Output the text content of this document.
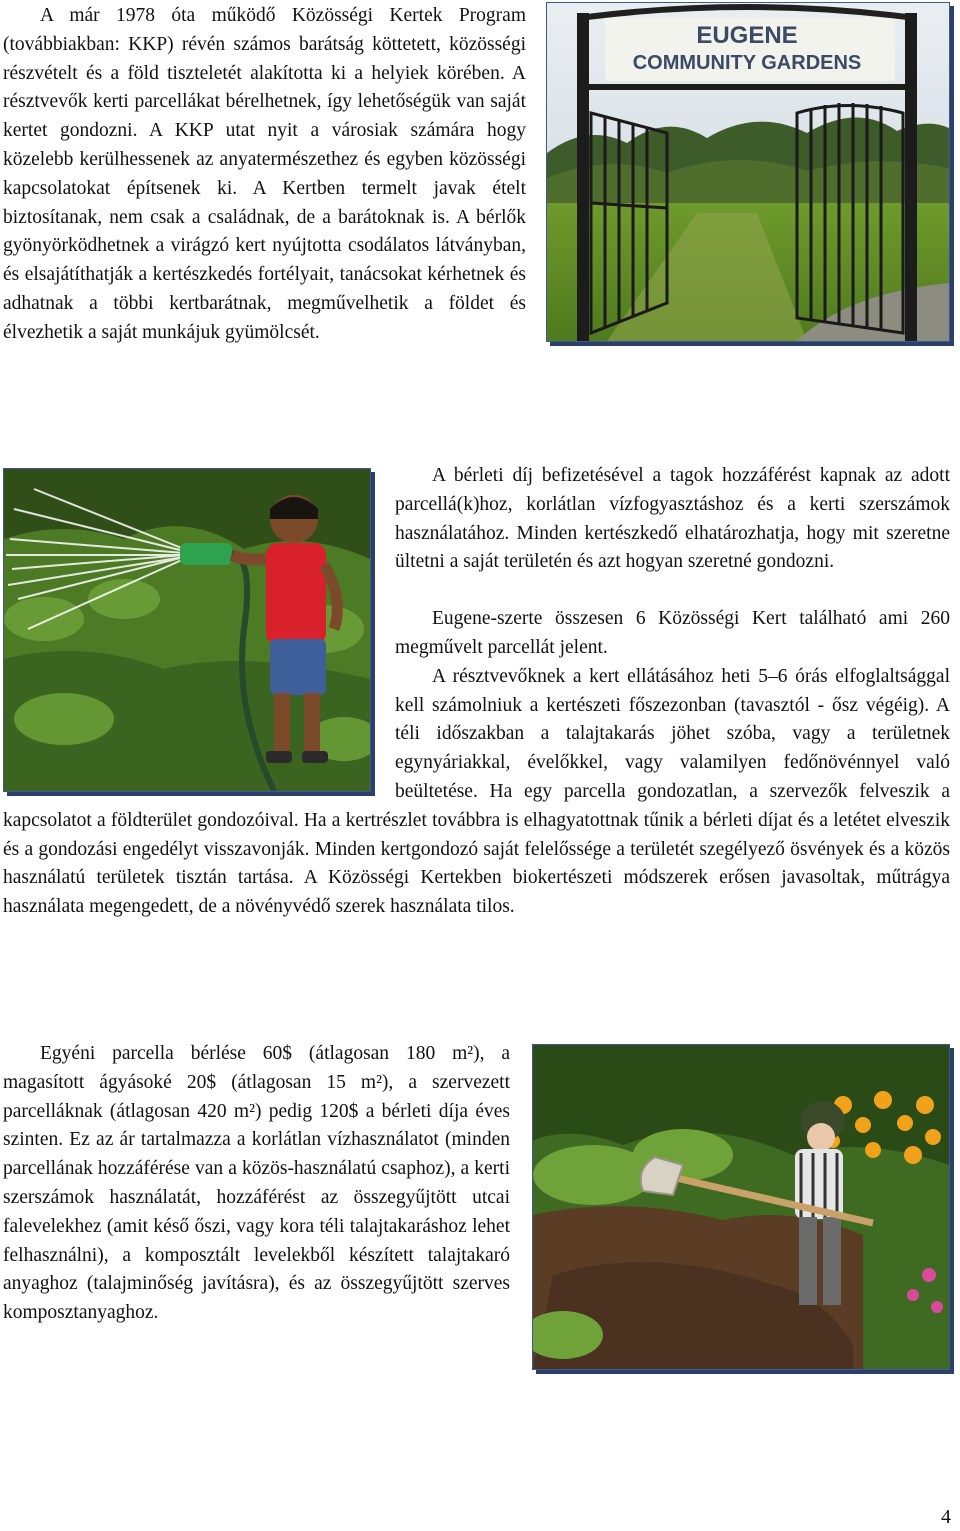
EUGENE
COMMUNITY GARDENS

A már 1978 óta működő Közösségi Kertek Program (továbbiakban: KKP) révén számos barátság köttetett, közösségi részvételt és a föld tiszteletét alakította ki a helyiek körében. A résztvevők kerti parcellákat bérelhetnek, így lehetőségük van saját kertet gondozni. A KKP utat nyit a városiak számára hogy közelebb kerülhessenek az anyatermészethez és egyben közösségi kapcsolatokat építsenek ki. A Kertben termelt javak ételt biztosítanak, nem csak a családnak, de a barátoknak is. A bérlők gyönyörködhetnek a virágzó kert nyújtotta csodálatos látványban, és elsajátíthatják a kertészkedés fortélyait, tanácsokat kérhetnek és adhatnak a többi kertbarátnak, megművelhetik a földet és élvezhetik a saját munkájuk gyümölcsét.

A bérleti díj befizetésével a tagok hozzáférést kapnak az adott parcellá(k)hoz, korlátlan vízfogyasztáshoz és a kerti szerszámok használatához. Minden kertészkedő elhatározhatja, hogy mit szeretne ültetni a saját területén és azt hogyan szeretné gondozni.

Eugene-szerte összesen 6 Közösségi Kert található ami 260 megművelt parcellát jelent.

A résztvevőknek a kert ellátásához heti 5–6 órás elfoglaltsággal kell számolniuk a kertészeti főszezonban (tavasztól - ősz végéig). A téli időszakban a talajtakarás jöhet szóba, vagy a területnek egynyáriakkal, évelőkkel, vagy valamilyen fedőnövénnyel való beültetése. Ha egy parcella gondozatlan, a szervezők felveszik a kapcsolatot a földterület gondozóival. Ha a kertrészlet továbbra is elhagyatottnak tűnik a bérleti díjat és a letétet elveszik és a gondozási engedélyt visszavonják. Minden kertgondozó saját felelőssége a területét szegélyező ösvények és a közös használatú területek tisztán tartása. A Közösségi Kertekben biokertészeti módszerek erősen javasoltak, műtrágya használata megengedett, de a növényvédő szerek használata tilos.

Egyéni parcella bérlése 60$ (átlagosan 180 m²), a magasított ágyásoké 20$ (átlagosan 15 m²), a szervezett parcelláknak (átlagosan 420 m²) pedig 120$ a bérleti díja éves szinten. Ez az ár tartalmazza a korlátlan vízhasználatot (minden parcellának hozzáférése van a közös-használatú csaphoz), a kerti szerszámok használatát, hozzáférést az összegyűjtött utcai falevelekhez (amit késő őszi, vagy kora téli talajtakaráshoz lehet felhasználni), a komposztált levelekből készített talajtakaró anyaghoz (talajminőség javításra), és az összegyűjtött szerves komposztanyaghoz.

4
